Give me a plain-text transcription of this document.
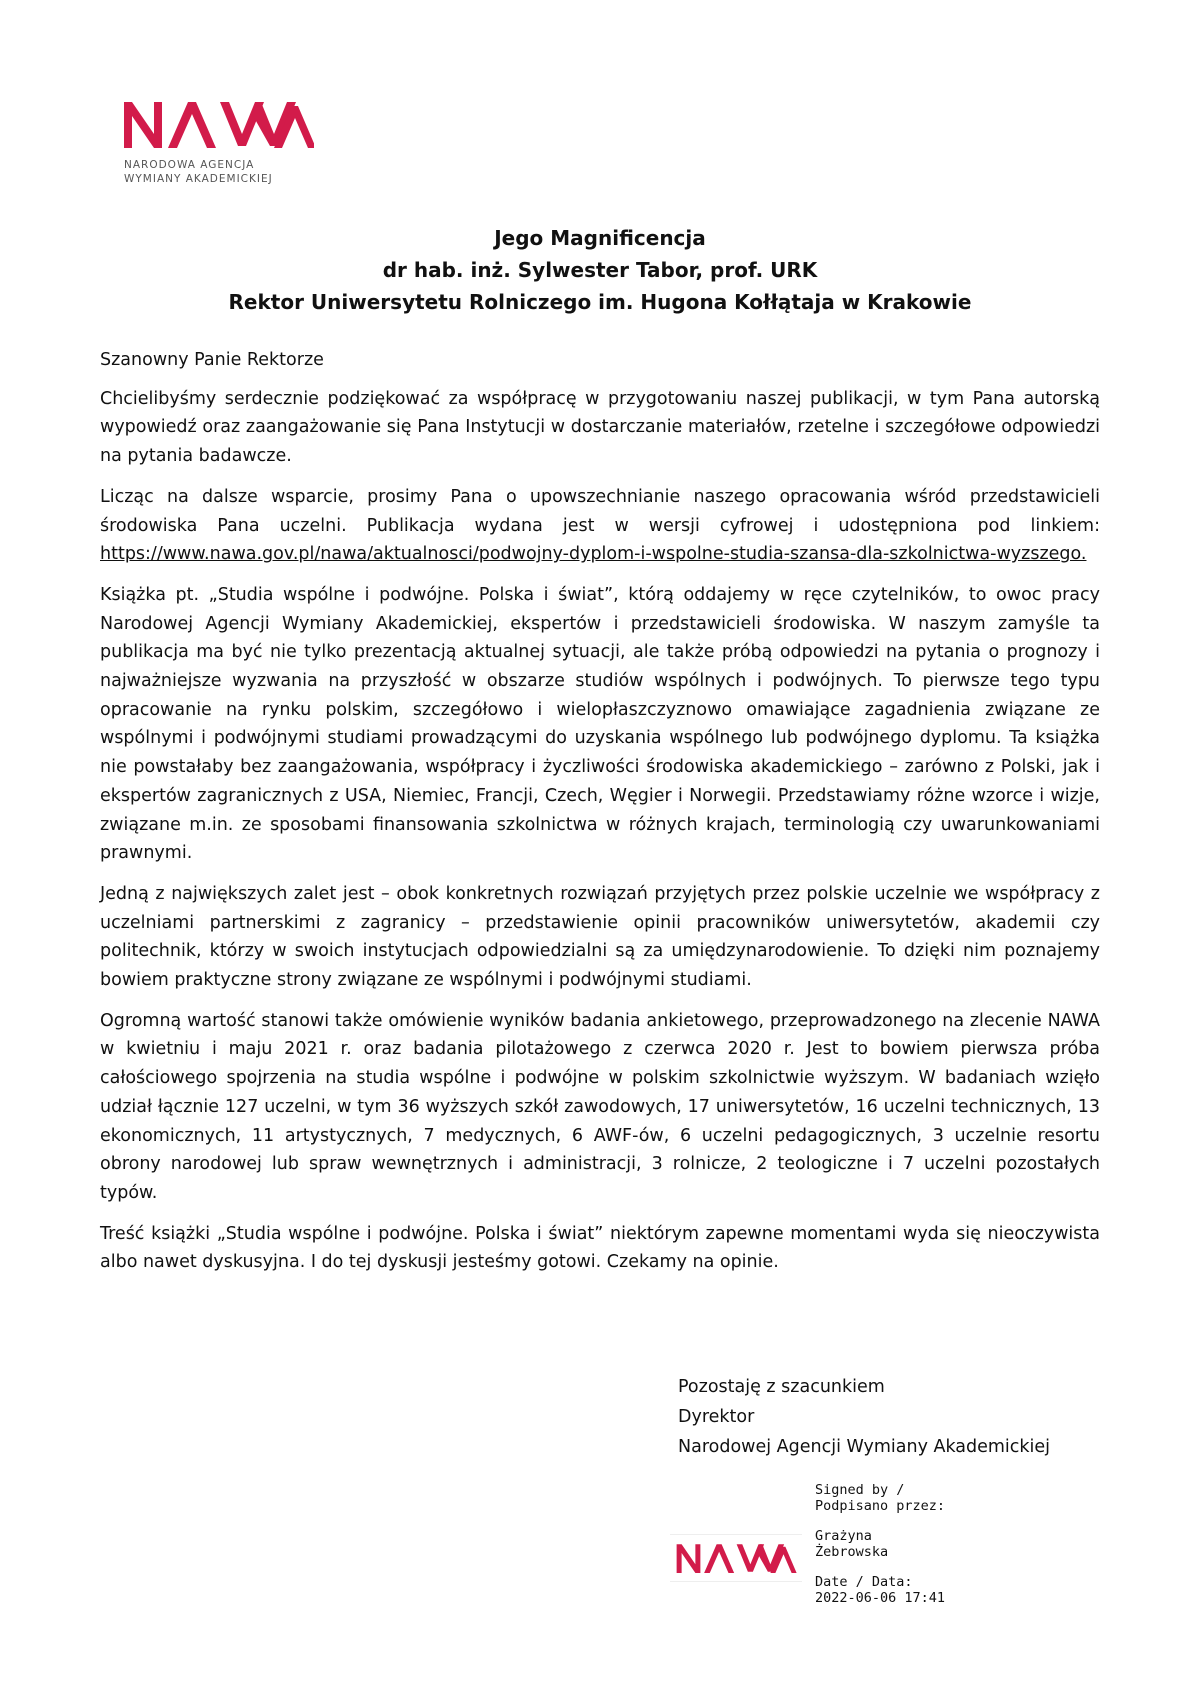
NARODOWA AGENCJA
WYMIANY AKADEMICKIEJ
Jego Magnificencja
dr hab. inż. Sylwester Tabor, prof. URK
Rektor Uniwersytetu Rolniczego im. Hugona Kołłątaja w Krakowie

Szanowny Panie Rektorze

Chcielibyśmy serdecznie podziękować za współpracę w przygotowaniu naszej publikacji, w tym Pana autorską wypowiedź oraz zaangażowanie się Pana Instytucji w dostarczanie materiałów, rzetelne i szczegółowe odpowiedzi na pytania badawcze.

Licząc na dalsze wsparcie, prosimy Pana o upowszechnianie naszego opracowania wśród przedstawicieli środowiska Pana uczelni. Publikacja wydana jest w wersji cyfrowej i udostępniona pod linkiem: https://www.nawa.gov.pl/nawa/aktualnosci/podwojny-dyplom-i-wspolne-studia-szansa-dla-szkolnictwa-wyzszego.

Książka pt. „Studia wspólne i podwójne. Polska i świat”, którą oddajemy w ręce czytelników, to owoc pracy Narodowej Agencji Wymiany Akademickiej, ekspertów i przedstawicieli środowiska. W naszym zamyśle ta publikacja ma być nie tylko prezentacją aktualnej sytuacji, ale także próbą odpowiedzi na pytania o prognozy i najważniejsze wyzwania na przyszłość w obszarze studiów wspólnych i podwójnych. To pierwsze tego typu opracowanie na rynku polskim, szczegółowo i wielopłaszczyznowo omawiające zagadnienia związane ze wspólnymi i podwójnymi studiami prowadzącymi do uzyskania wspólnego lub podwójnego dyplomu. Ta książka nie powstałaby bez zaangażowania, współpracy i życzliwości środowiska akademickiego – zarówno z Polski, jak i ekspertów zagranicznych z USA, Niemiec, Francji, Czech, Węgier i Norwegii. Przedstawiamy różne wzorce i wizje, związane m.in. ze sposobami finansowania szkolnictwa w różnych krajach, terminologią czy uwarunkowaniami prawnymi.

Jedną z największych zalet jest – obok konkretnych rozwiązań przyjętych przez polskie uczelnie we współpracy z uczelniami partnerskimi z zagranicy – przedstawienie opinii pracowników uniwersytetów, akademii czy politechnik, którzy w swoich instytucjach odpowiedzialni są za umiędzynarodowienie. To dzięki nim poznajemy bowiem praktyczne strony związane ze wspólnymi i podwójnymi studiami.

Ogromną wartość stanowi także omówienie wyników badania ankietowego, przeprowadzonego na zlecenie NAWA w kwietniu i maju 2021 r. oraz badania pilotażowego z czerwca 2020 r. Jest to bowiem pierwsza próba całościowego spojrzenia na studia wspólne i podwójne w polskim szkolnictwie wyższym. W badaniach wzięło udział łącznie 127 uczelni, w tym 36 wyższych szkół zawodowych, 17 uniwersytetów, 16 uczelni technicznych, 13 ekonomicznych, 11 artystycznych, 7 medycznych, 6 AWF-ów, 6 uczelni pedagogicznych, 3 uczelnie resortu obrony narodowej lub spraw wewnętrznych i administracji, 3 rolnicze, 2 teologiczne i 7 uczelni pozostałych typów.

Treść książki „Studia wspólne i podwójne. Polska i świat” niektórym zapewne momentami wyda się nieoczywista albo nawet dyskusyjna. I do tej dyskusji jesteśmy gotowi. Czekamy na opinie.

Pozostaję z szacunkiem
Dyrektor
Narodowej Agencji Wymiany Akademickiej
Signed by /
Podpisano przez:
Grażyna
Żebrowska
Date / Data:
2022-06-06 17:41
